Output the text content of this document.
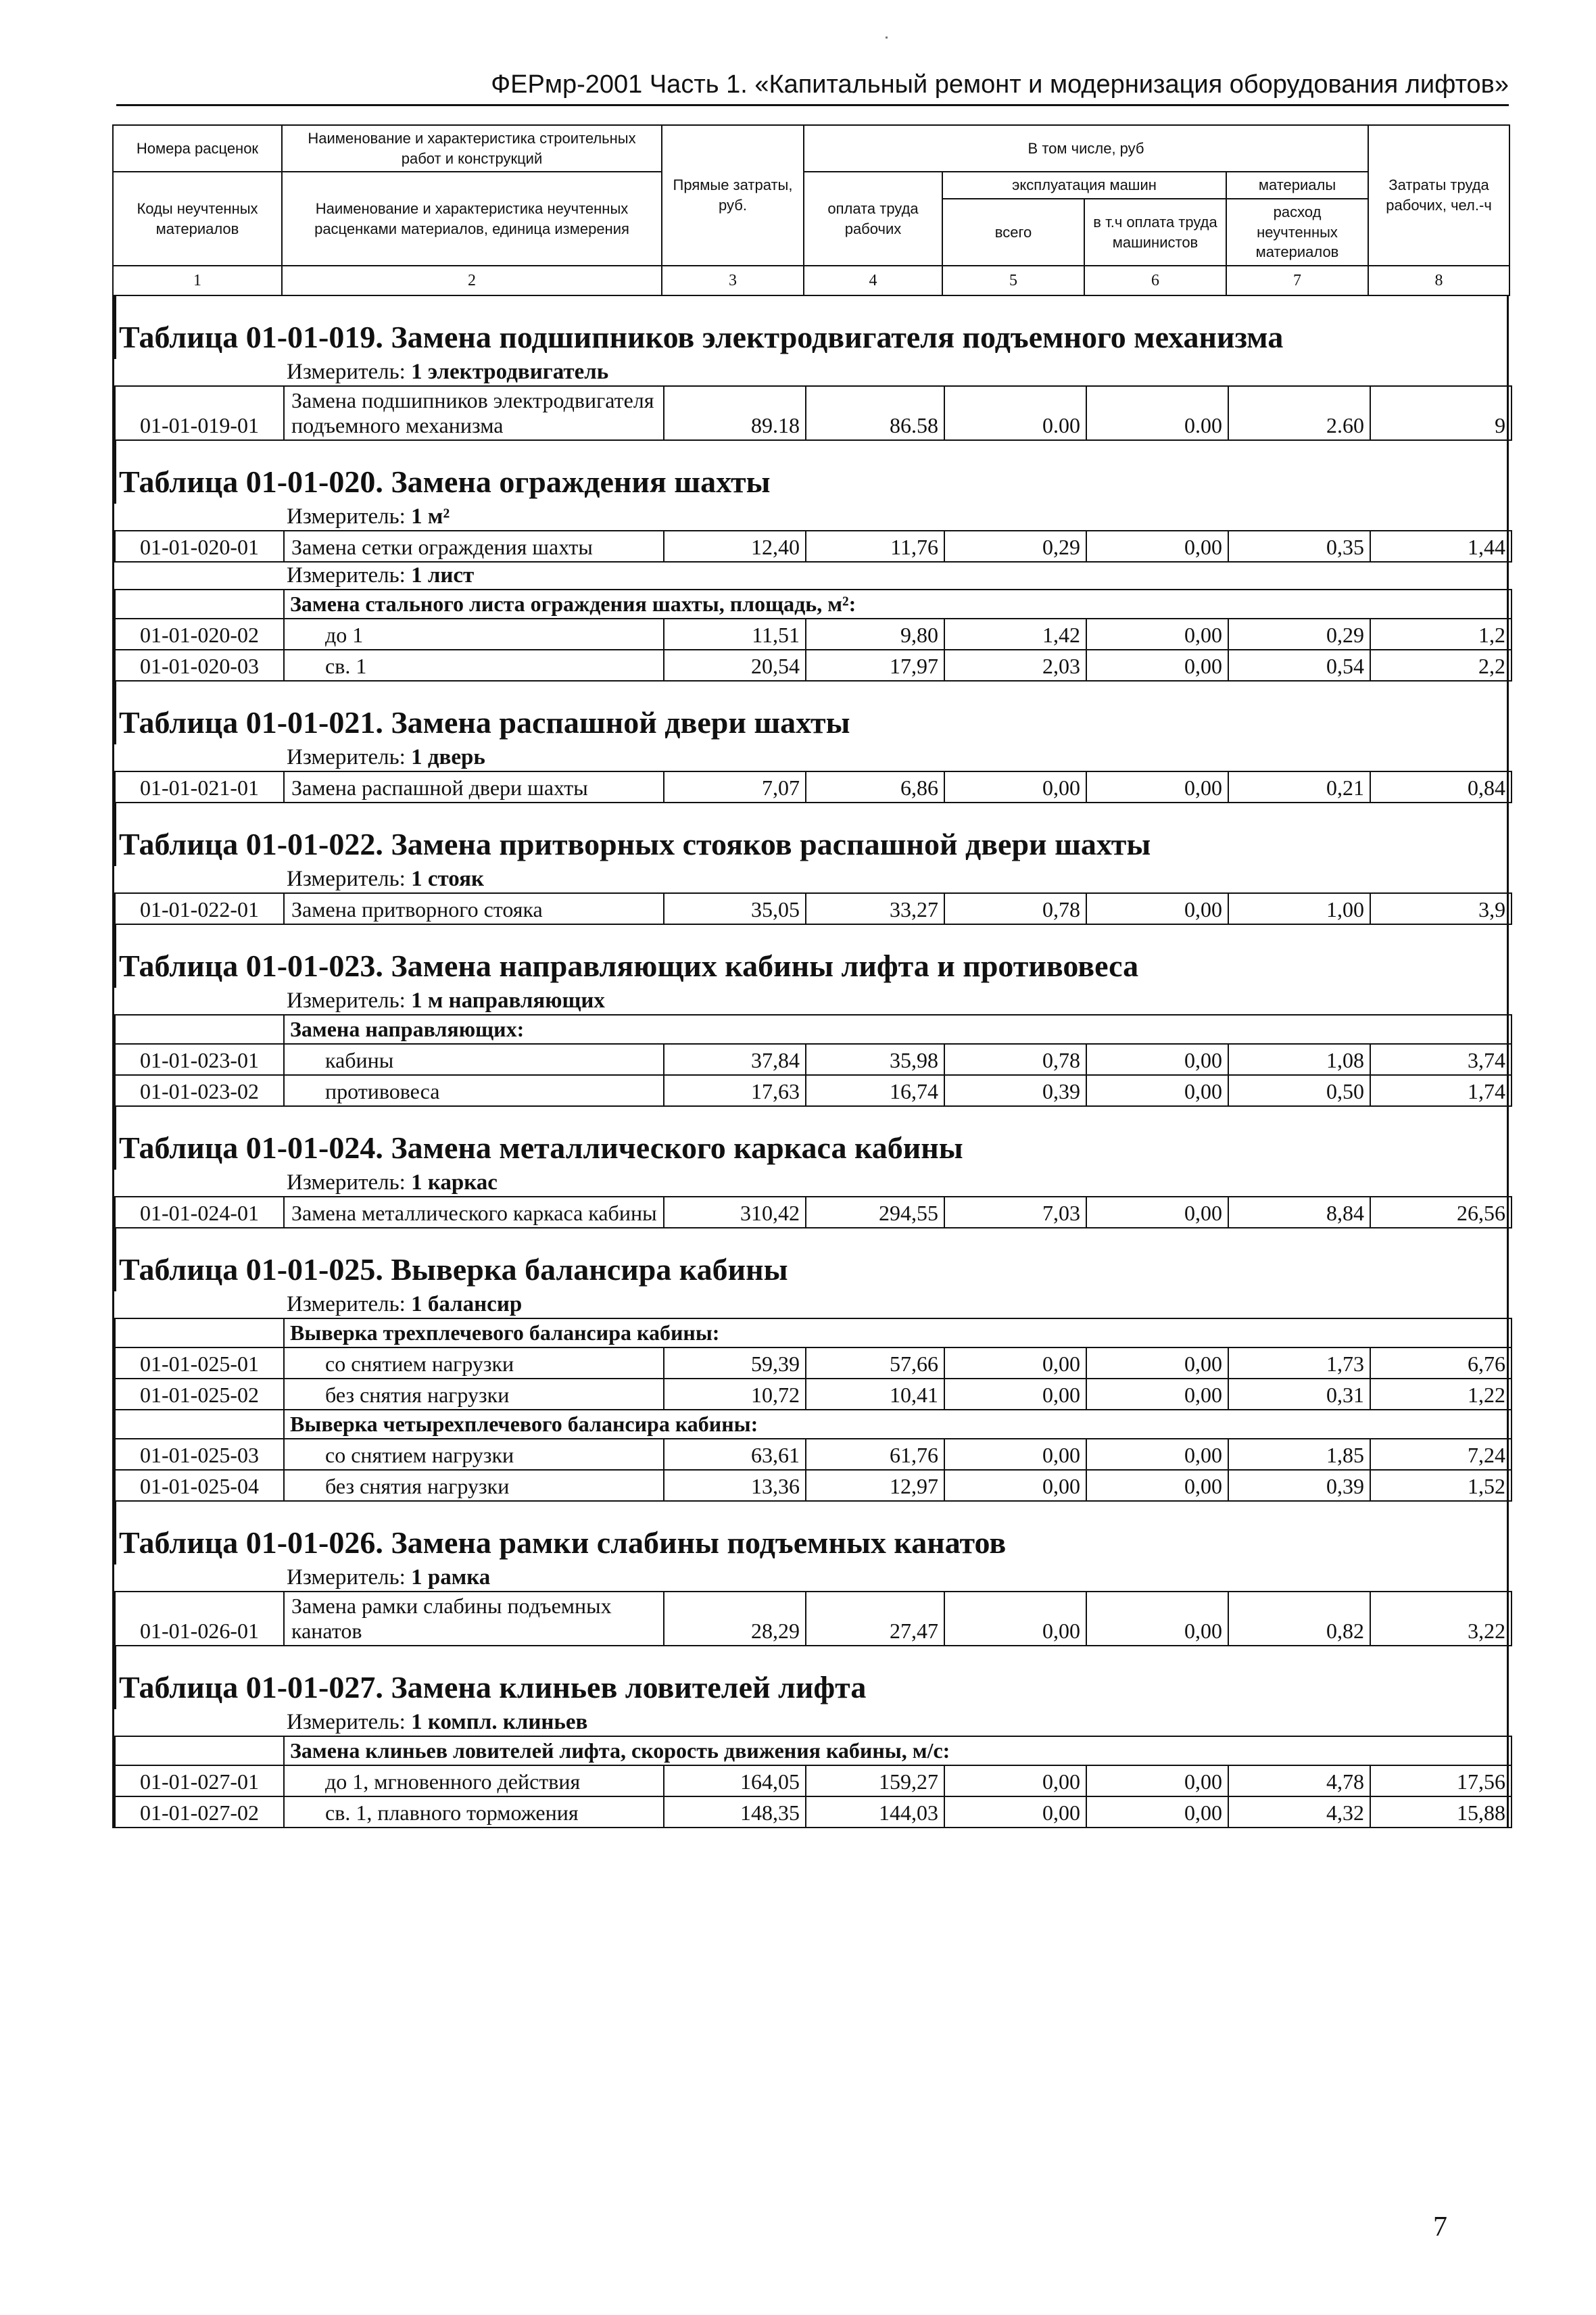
ФЕРмр-2001 Часть 1. «Капитальный ремонт и модернизация оборудования лифтов»
Номера расценок	Наименование и характеристика строительных работ и конструкций	Прямые затраты, руб.	В том числе, руб				Затраты труда рабочих, чел.-ч
Коды неучтенных материалов	Наименование и характеристика неучтенных расценками материалов, единица измерения		оплата труда рабочих	эксплуатация машин		материалы	
				всего	в т.ч оплата труда машинистов	расход неучтенных материалов	

1	2	3	4	5	6	7	8
Таблица 01-01-019. Замена подшипников электродвигателя подъемного механизма
	Измеритель: 1 электродвигатель						
01-01-019-01	Замена подшипников электродвигателя подъемного механизма	89.18	86.58	0.00	0.00	2.60	9
Таблица 01-01-020. Замена ограждения шахты
	Измеритель: 1 м²						
01-01-020-01	Замена сетки ограждения шахты	12,40	11,76	0,29	0,00	0,35	1,44
	Измеритель: 1 лист						
	Замена стального листа ограждения шахты, площадь, м²:						
01-01-020-02	до 1	11,51	9,80	1,42	0,00	0,29	1,2
01-01-020-03	св. 1	20,54	17,97	2,03	0,00	0,54	2,2
Таблица 01-01-021. Замена распашной двери шахты
	Измеритель: 1 дверь						
01-01-021-01	Замена распашной двери шахты	7,07	6,86	0,00	0,00	0,21	0,84
Таблица 01-01-022. Замена притворных стояков распашной двери шахты
	Измеритель: 1 стояк						
01-01-022-01	Замена притворного стояка	35,05	33,27	0,78	0,00	1,00	3,9
Таблица 01-01-023. Замена направляющих кабины лифта и противовеса
	Измеритель: 1 м направляющих						
	Замена направляющих:						
01-01-023-01	кабины	37,84	35,98	0,78	0,00	1,08	3,74
01-01-023-02	противовеса	17,63	16,74	0,39	0,00	0,50	1,74
Таблица 01-01-024. Замена металлического каркаса кабины
	Измеритель: 1 каркас						
01-01-024-01	Замена металлического каркаса кабины	310,42	294,55	7,03	0,00	8,84	26,56
Таблица 01-01-025. Выверка балансира кабины
	Измеритель: 1 балансир						
	Выверка трехплечевого балансира кабины:						
01-01-025-01	со снятием нагрузки	59,39	57,66	0,00	0,00	1,73	6,76
01-01-025-02	без снятия нагрузки	10,72	10,41	0,00	0,00	0,31	1,22
	Выверка четырехплечевого балансира кабины:						
01-01-025-03	со снятием нагрузки	63,61	61,76	0,00	0,00	1,85	7,24
01-01-025-04	без снятия нагрузки	13,36	12,97	0,00	0,00	0,39	1,52
Таблица 01-01-026. Замена рамки слабины подъемных канатов
	Измеритель: 1 рамка						
01-01-026-01	Замена рамки слабины подъемных канатов	28,29	27,47	0,00	0,00	0,82	3,22
Таблица 01-01-027. Замена клиньев ловителей лифта
	Измеритель: 1 компл. клиньев						
	Замена клиньев ловителей лифта, скорость движения кабины, м/с:						
01-01-027-01	до 1, мгновенного действия	164,05	159,27	0,00	0,00	4,78	17,56
01-01-027-02	св. 1, плавного торможения	148,35	144,03	0,00	0,00	4,32	15,88
7
